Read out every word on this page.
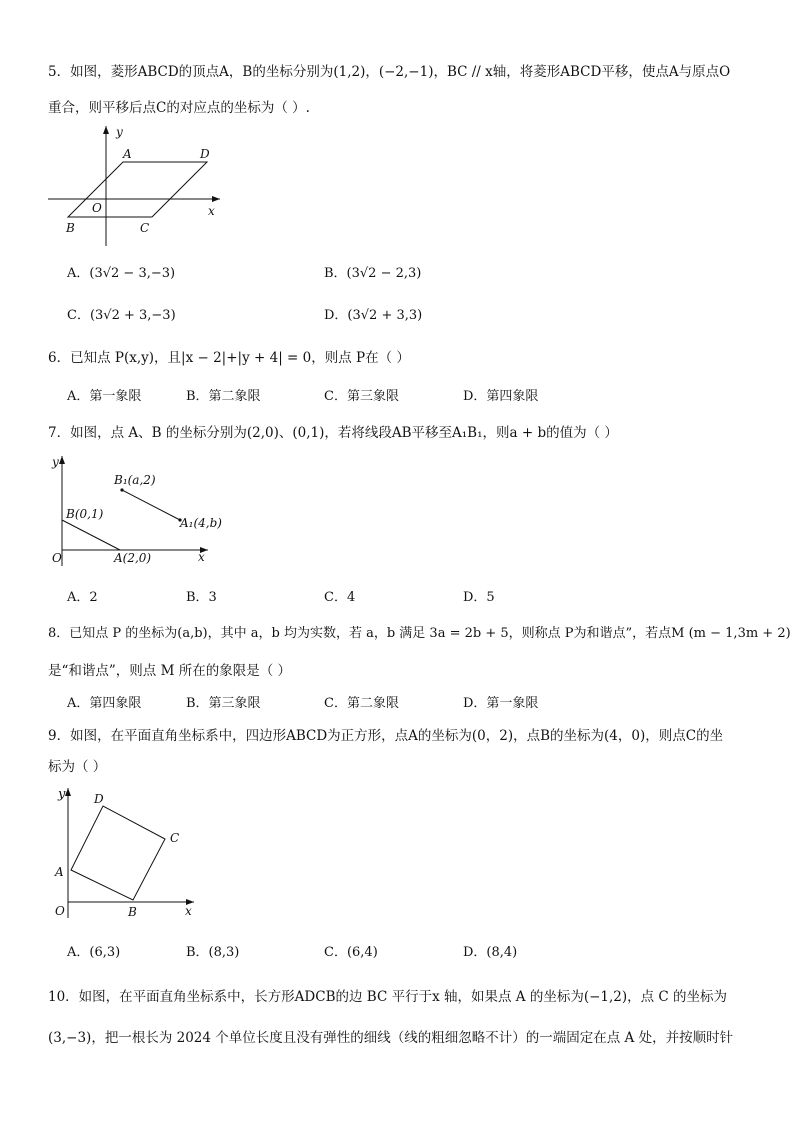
5．如图，菱形ABCD的顶点A，B的坐标分别为(1,2)，(−2,−1)，BC // x轴，将菱形ABCD平移，使点A与原点O
重合，则平移后点C的对应点的坐标为（ ）.
y
x
A	D
O
B	C
A．(3√2 − 3,−3)	B．(3√2 − 2,3)
C．(3√2 + 3,−3)	D．(3√2 + 3,3)
6．已知点 P(x,y)，且|x − 2|+|y + 4| = 0，则点 P在（ ）
A．第一象限	B．第二象限	C．第三象限	D．第四象限
7．如图，点 A、B 的坐标分别为(2,0)、(0,1)，若将线段AB平移至A₁B₁，则a + b的值为（ ）
y
x
O
B(0,1)
A(2,0)
B₁(a,2)
A₁(4,b)
A．2	B．3	C．4	D．5
8．已知点 P 的坐标为(a,b)，其中 a，b 均为实数，若 a，b 满足 3a = 2b + 5，则称点 P为和谐点”，若点M (m − 1,3m + 2)
是“和谐点”，则点 M 所在的象限是（ ）
A．第四象限	B．第三象限	C．第二象限	D．第一象限
9．如图，在平面直角坐标系中，四边形ABCD为正方形，点A的坐标为(0，2)，点B的坐标为(4，0)，则点C的坐
标为（ ）
y
x
O
A
B
C
D
A．(6,3)	B．(8,3)	C．(6,4)	D．(8,4)
10．如图，在平面直角坐标系中，长方形ADCB的边 BC 平行于x 轴，如果点 A 的坐标为(−1,2)，点 C 的坐标为
(3,−3)，把一根长为 2024 个单位长度且没有弹性的细线（线的粗细忽略不计）的一端固定在点 A 处，并按顺时针
